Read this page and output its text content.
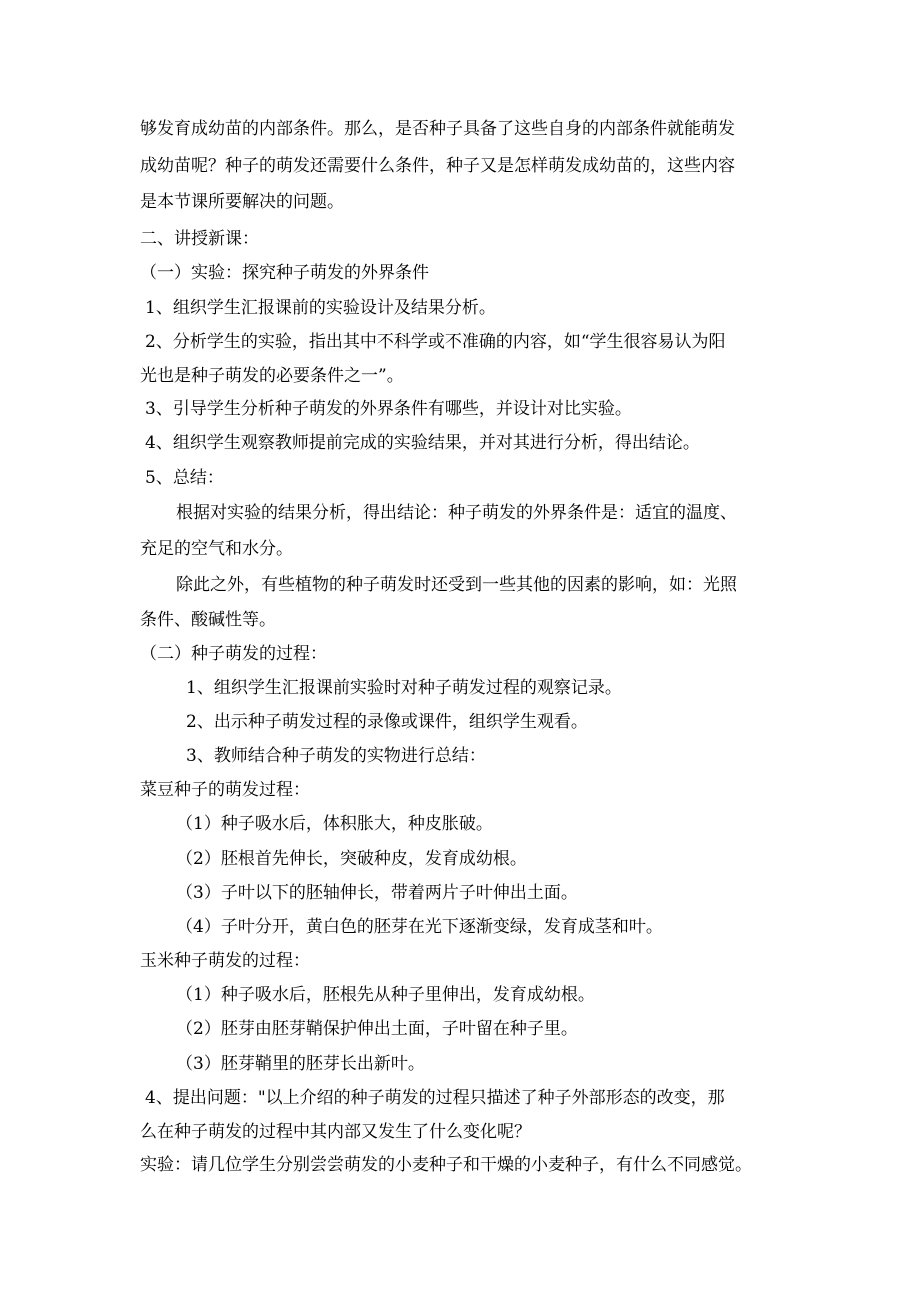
够发育成幼苗的内部条件。那么，是否种子具备了这些自身的内部条件就能萌发
成幼苗呢？种子的萌发还需要什么条件，种子又是怎样萌发成幼苗的，这些内容
是本节课所要解决的问题。
二、讲授新课：
（一）实验：探究种子萌发的外界条件
1、组织学生汇报课前的实验设计及结果分析。
2、分析学生的实验，指出其中不科学或不准确的内容，如“学生很容易认为阳
光也是种子萌发的必要条件之一”。
3、引导学生分析种子萌发的外界条件有哪些，并设计对比实验。
4、组织学生观察教师提前完成的实验结果，并对其进行分析，得出结论。
5、总结：
根据对实验的结果分析，得出结论：种子萌发的外界条件是：适宜的温度、
充足的空气和水分。
除此之外，有些植物的种子萌发时还受到一些其他的因素的影响，如：光照
条件、酸碱性等。
（二）种子萌发的过程：
1、组织学生汇报课前实验时对种子萌发过程的观察记录。
2、出示种子萌发过程的录像或课件，组织学生观看。
3、教师结合种子萌发的实物进行总结：
菜豆种子的萌发过程：
（1）种子吸水后，体积胀大，种皮胀破。
（2）胚根首先伸长，突破种皮，发育成幼根。
（3）子叶以下的胚轴伸长，带着两片子叶伸出土面。
（4）子叶分开，黄白色的胚芽在光下逐渐变绿，发育成茎和叶。
玉米种子萌发的过程：
（1）种子吸水后，胚根先从种子里伸出，发育成幼根。
（2）胚芽由胚芽鞘保护伸出土面，子叶留在种子里。
（3）胚芽鞘里的胚芽长出新叶。
4、提出问题："以上介绍的种子萌发的过程只描述了种子外部形态的改变，那
么在种子萌发的过程中其内部又发生了什么变化呢？
实验：请几位学生分别尝尝萌发的小麦种子和干燥的小麦种子，有什么不同感觉。
